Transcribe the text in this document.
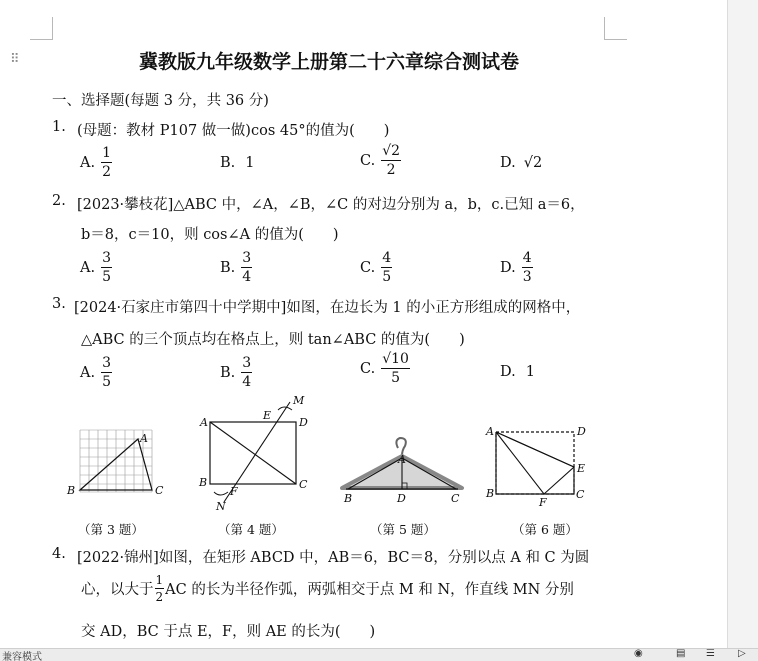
⠿	冀教版九年级数学上册第二十六章综合测试卷
一、选择题(每题 3 分，共 36 分)
1. (母题：教材 P107 做一做)cos 45°的值为(　　)
A. $\frac{1}{2}$	B. 1	C. $\frac{√2}{2}$	D. √2
2. [2023·攀枝花]△ABC 中，∠A，∠B，∠C 的对边分别为 a，b，c.已知 a＝6，
b＝8，c＝10，则 cos∠A 的值为(　　)
A. $\frac{3}{5}$	B. $\frac{3}{4}$	C. $\frac{4}{5}$	D. $\frac{4}{3}$
3. [2024·石家庄市第四十中学期中]如图，在边长为 1 的小正方形组成的网格中，
△ABC 的三个顶点均在格点上，则 tan∠ABC 的值为(　　)
A. $\frac{3}{5}$	B. $\frac{3}{4}$	C. $\frac{√10}{5}$	D. 1
A
B	C
（第 3 题）
A
B	C
D
E
F
M
N
（第 4 题）
A
B	D	C
（第 5 题）
A	D
B	C
E
F
（第 6 题）
4. [2022·锦州]如图，在矩形 ABCD 中，AB＝6，BC＝8，分别以点 A 和 C 为圆
心，以大于 $\frac{1}{2}$ AC 的长为半径作弧，两弧相交于点 M 和 N，作直线 MN 分别
交 AD，BC 于点 E，F，则 AE 的长为(　　)
兼容模式	◉	▤ ☰ ▷
